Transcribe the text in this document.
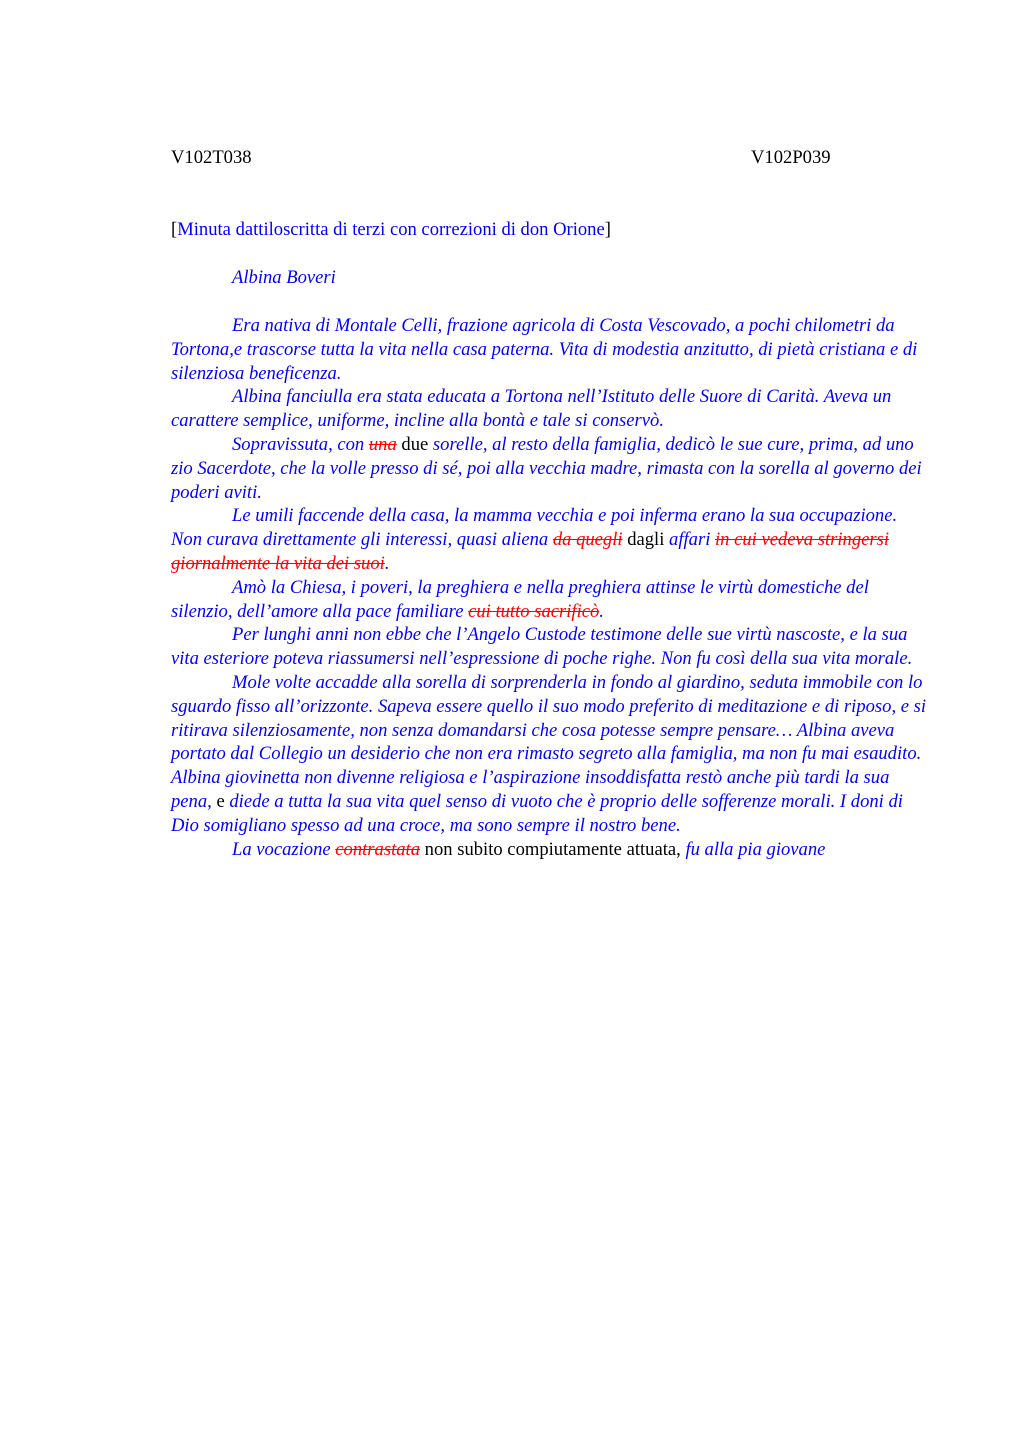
V102T038	V102P039
[Minuta dattiloscritta di terzi con correzioni di don Orione]
Albina Boveri

Era nativa di Montale Celli, frazione agricola di Costa Vescovado, a pochi chilometri da Tortona,e trascorse tutta la vita nella casa paterna. Vita di modestia anzitutto, di pietà cristiana e di silenziosa beneficenza.

Albina fanciulla era stata educata a Tortona nell’Istituto delle Suore di Carità. Aveva un carattere semplice, uniforme, incline alla bontà e tale si conservò.

Sopravissuta, con una due sorelle, al resto della famiglia, dedicò le sue cure, prima, ad uno zio Sacerdote, che la volle presso di sé, poi alla vecchia madre, rimasta con la sorella al governo dei poderi aviti.

Le umili faccende della casa, la mamma vecchia e poi inferma erano la sua occupazione. Non curava direttamente gli interessi, quasi aliena da quegli dagli affari in cui vedeva stringersi giornalmente la vita dei suoi.

Amò la Chiesa, i poveri, la preghiera e nella preghiera attinse le virtù domestiche del silenzio, dell’amore alla pace familiare cui tutto sacrificò.

Per lunghi anni non ebbe che l’Angelo Custode testimone delle sue virtù nascoste, e la sua vita esteriore poteva riassumersi nell’espressione di poche righe. Non fu così della sua vita morale.

Mole volte accadde alla sorella di sorprenderla in fondo al giardino, seduta immobile con lo sguardo fisso all’orizzonte. Sapeva essere quello il suo modo preferito di meditazione e di riposo, e si ritirava silenziosamente, non senza domandarsi che cosa potesse sempre pensare… Albina aveva portato dal Collegio un desiderio che non era rimasto segreto alla famiglia, ma non fu mai esaudito. Albina giovinetta non divenne religiosa e l’aspirazione insoddisfatta restò anche più tardi la sua pena, e diede a tutta la sua vita quel senso di vuoto che è proprio delle sofferenze morali. I doni di Dio somigliano spesso ad una croce, ma sono sempre il nostro bene.

La vocazione contrastata non subito compiutamente attuata, fu alla pia giovane
